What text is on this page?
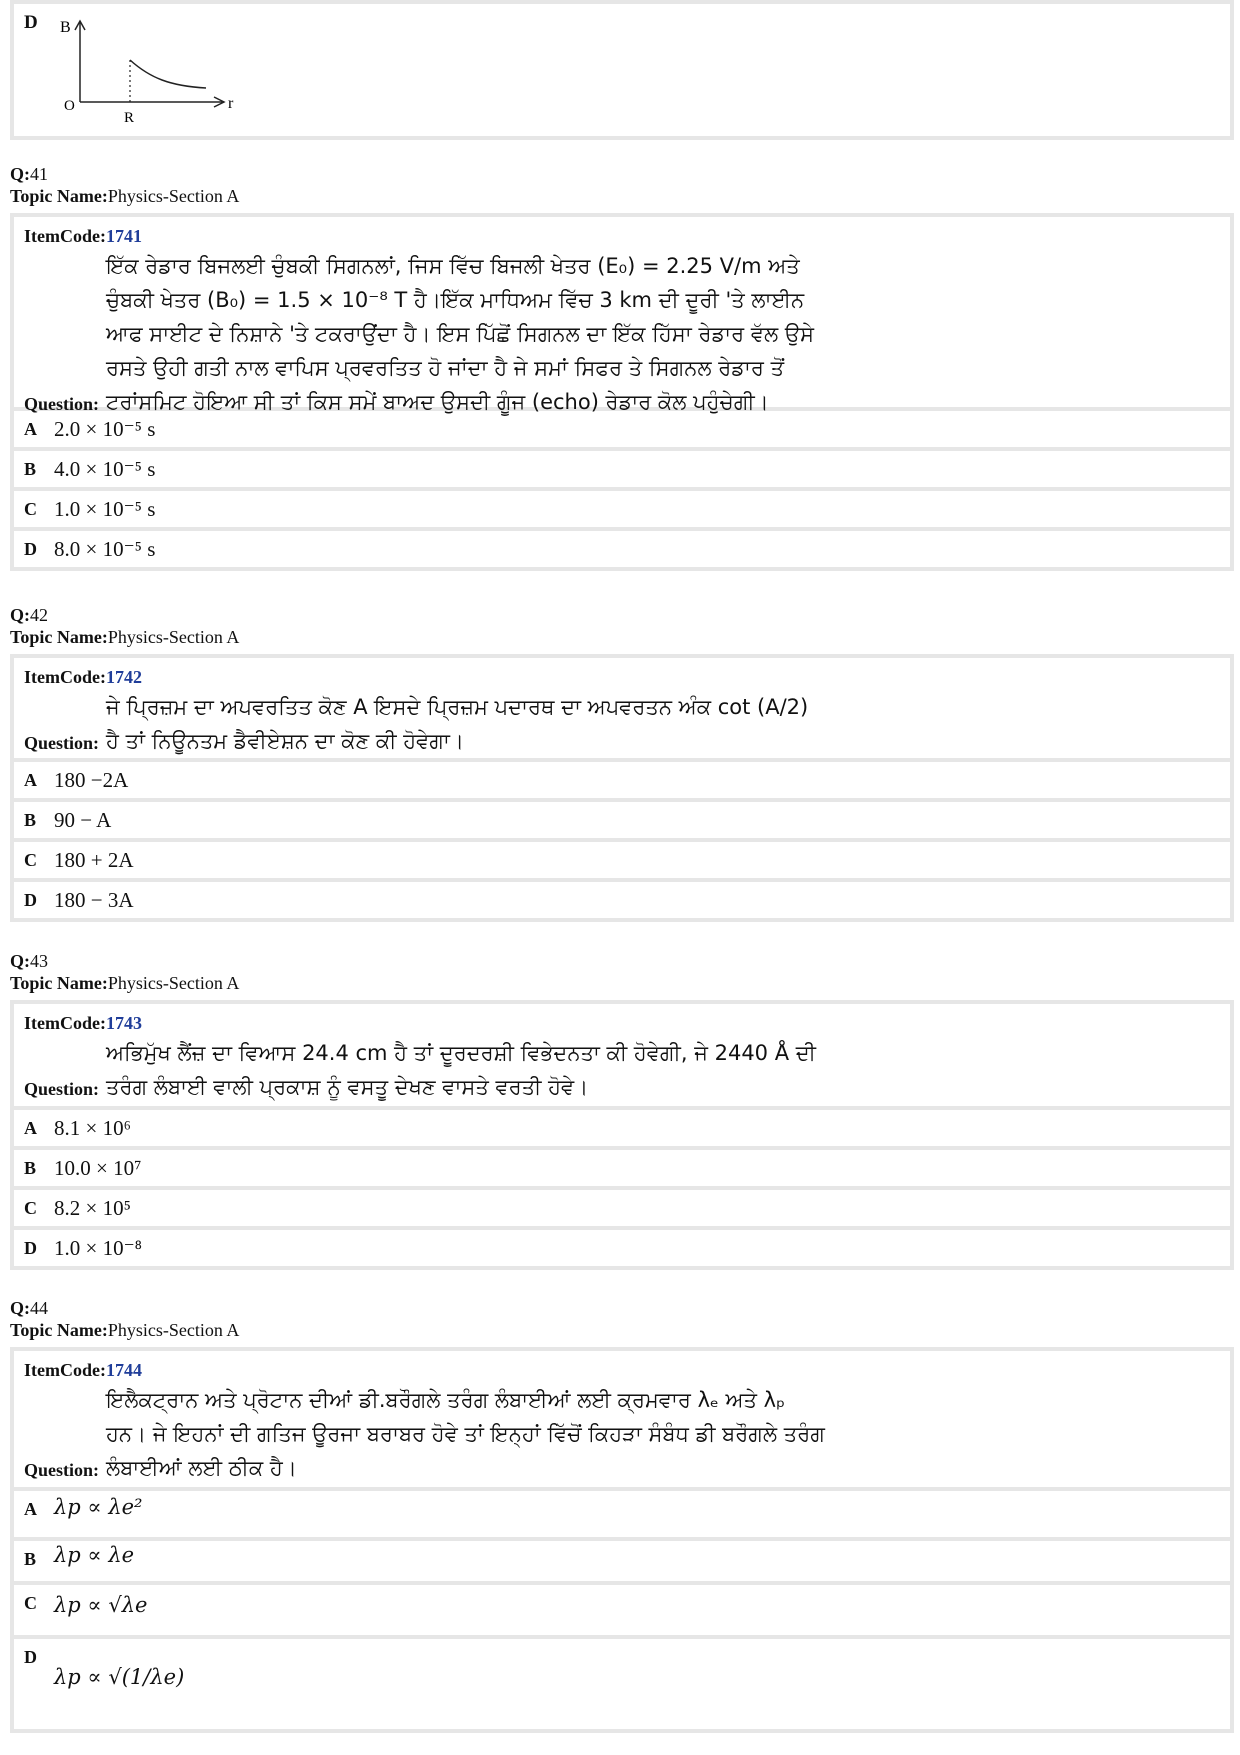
D B
r
O
R
Q:41
Topic Name:Physics-Section A
ItemCode:1741
Question:
ਇੱਕ ਰੇਡਾਰ ਬਿਜਲਈ ਚੁੰਬਕੀ ਸਿਗਨਲਾਂ, ਜਿਸ ਵਿੱਚ ਬਿਜਲੀ ਖੇਤਰ (E₀) = 2.25 V/m ਅਤੇ ਚੁੰਬਕੀ ਖੇਤਰ (B₀) = 1.5 × 10⁻⁸ T ਹੈ।ਇੱਕ ਮਾਧਿਅਮ ਵਿੱਚ 3 km ਦੀ ਦੂਰੀ 'ਤੇ ਲਾਈਨ ਆਫ ਸਾਈਟ ਦੇ ਨਿਸ਼ਾਨੇ 'ਤੇ ਟਕਰਾਉਂਦਾ ਹੈ। ਇਸ ਪਿੱਛੋਂ ਸਿਗਨਲ ਦਾ ਇੱਕ ਹਿੱਸਾ ਰੇਡਾਰ ਵੱਲ ਉਸੇ ਰਸਤੇ ਉਹੀ ਗਤੀ ਨਾਲ ਵਾਪਿਸ ਪ੍ਰਵਰਤਿਤ ਹੋ ਜਾਂਦਾ ਹੈ ਜੇ ਸਮਾਂ ਸਿਫਰ ਤੇ ਸਿਗਨਲ ਰੇਡਾਰ ਤੋਂ ਟਰਾਂਸਮਿਟ ਹੋਇਆ ਸੀ ਤਾਂ ਕਿਸ ਸਮੇਂ ਬਾਅਦ ਉਸਦੀ ਗੂੰਜ (echo) ਰੇਡਾਰ ਕੋਲ ਪਹੁੰਚੇਗੀ।
A 2.0 × 10⁻⁵ s
B 4.0 × 10⁻⁵ s
C 1.0 × 10⁻⁵ s
D 8.0 × 10⁻⁵ s
Q:42
Topic Name:Physics-Section A
ItemCode:1742
Question:
ਜੇ ਪ੍ਰਿਜ਼ਮ ਦਾ ਅਪਵਰਤਿਤ ਕੋਣ A ਇਸਦੇ ਪ੍ਰਿਜ਼ਮ ਪਦਾਰਥ ਦਾ ਅਪਵਰਤਨ ਅੰਕ cot (A/2) ਹੈ ਤਾਂ ਨਿਊਨਤਮ ਡੈਵੀਏਸ਼ਨ ਦਾ ਕੋਣ ਕੀ ਹੋਵੇਗਾ।
A 180 −2A
B 90 − A
C 180 + 2A
D 180 − 3A
Q:43
Topic Name:Physics-Section A
ItemCode:1743
Question:
ਅਭਿਮੁੱਖ ਲੈਂਜ਼ ਦਾ ਵਿਆਸ 24.4 cm ਹੈ ਤਾਂ ਦੂਰਦਰਸ਼ੀ ਵਿਭੇਦਨਤਾ ਕੀ ਹੋਵੇਗੀ, ਜੇ 2440 Å ਦੀ ਤਰੰਗ ਲੰਬਾਈ ਵਾਲੀ ਪ੍ਰਕਾਸ਼ ਨੂੰ ਵਸਤੂ ਦੇਖਣ ਵਾਸਤੇ ਵਰਤੀ ਹੋਵੇ।
A 8.1 × 10⁶
B 10.0 × 10⁷
C 8.2 × 10⁵
D 1.0 × 10⁻⁸
Q:44
Topic Name:Physics-Section A
ItemCode:1744
Question:
ਇਲੈਕਟ੍ਰਾਨ ਅਤੇ ਪ੍ਰੋਟਾਨ ਦੀਆਂ ਡੀ.ਬਰੌਗਲੇ ਤਰੰਗ ਲੰਬਾਈਆਂ ਲਈ ਕ੍ਰਮਵਾਰ λₑ ਅਤੇ λₚ ਹਨ। ਜੇ ਇਹਨਾਂ ਦੀ ਗਤਿਜ ਊਰਜਾ ਬਰਾਬਰ ਹੋਵੇ ਤਾਂ ਇਨ੍ਹਾਂ ਵਿੱਚੋਂ ਕਿਹੜਾ ਸੰਬੰਧ ਡੀ ਬਰੌਗਲੇ ਤਰੰਗ ਲੰਬਾਈਆਂ ਲਈ ਠੀਕ ਹੈ।
A λp ∝ λe²
B λp ∝ λe
C λp ∝ √λe
D
λp ∝ √(1/λe)
